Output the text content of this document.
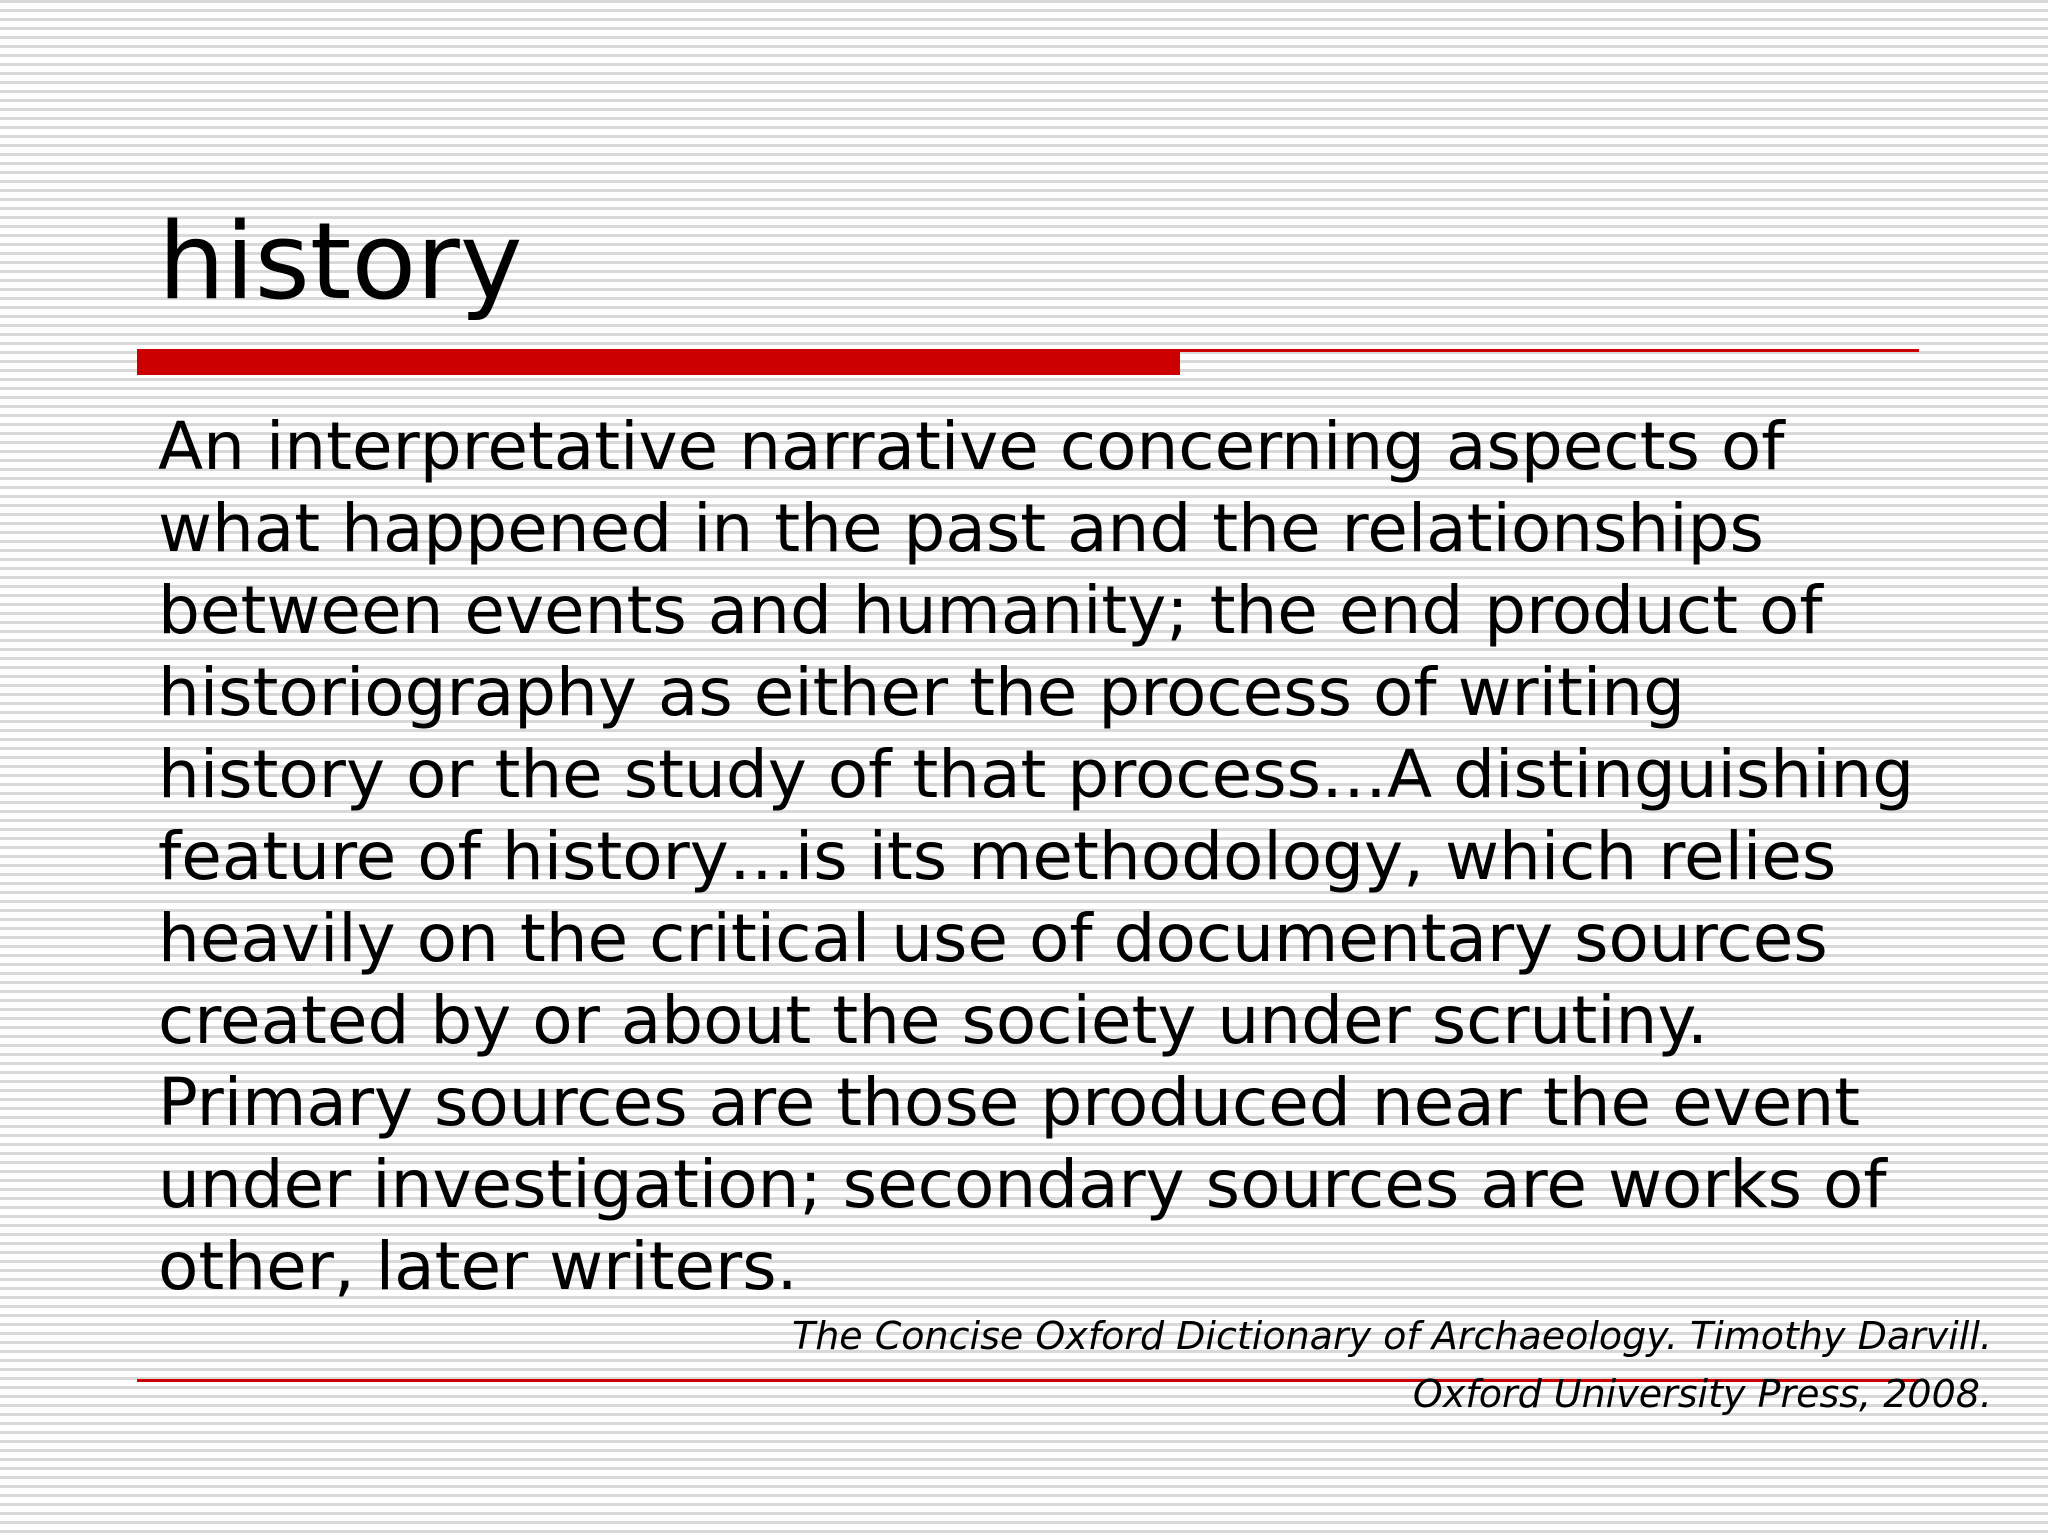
history

An interpretative narrative concerning aspects of
what happened in the past and the relationships
between events and humanity; the end product of
historiography as either the process of writing
history or the study of that process…A distinguishing
feature of history…is its methodology, which relies
heavily on the critical use of documentary sources
created by or about the society under scrutiny.
Primary sources are those produced near the event
under investigation; secondary sources are works of
other, later writers.

The Concise Oxford Dictionary of Archaeology. Timothy Darvill.

Oxford University Press, 2008.
